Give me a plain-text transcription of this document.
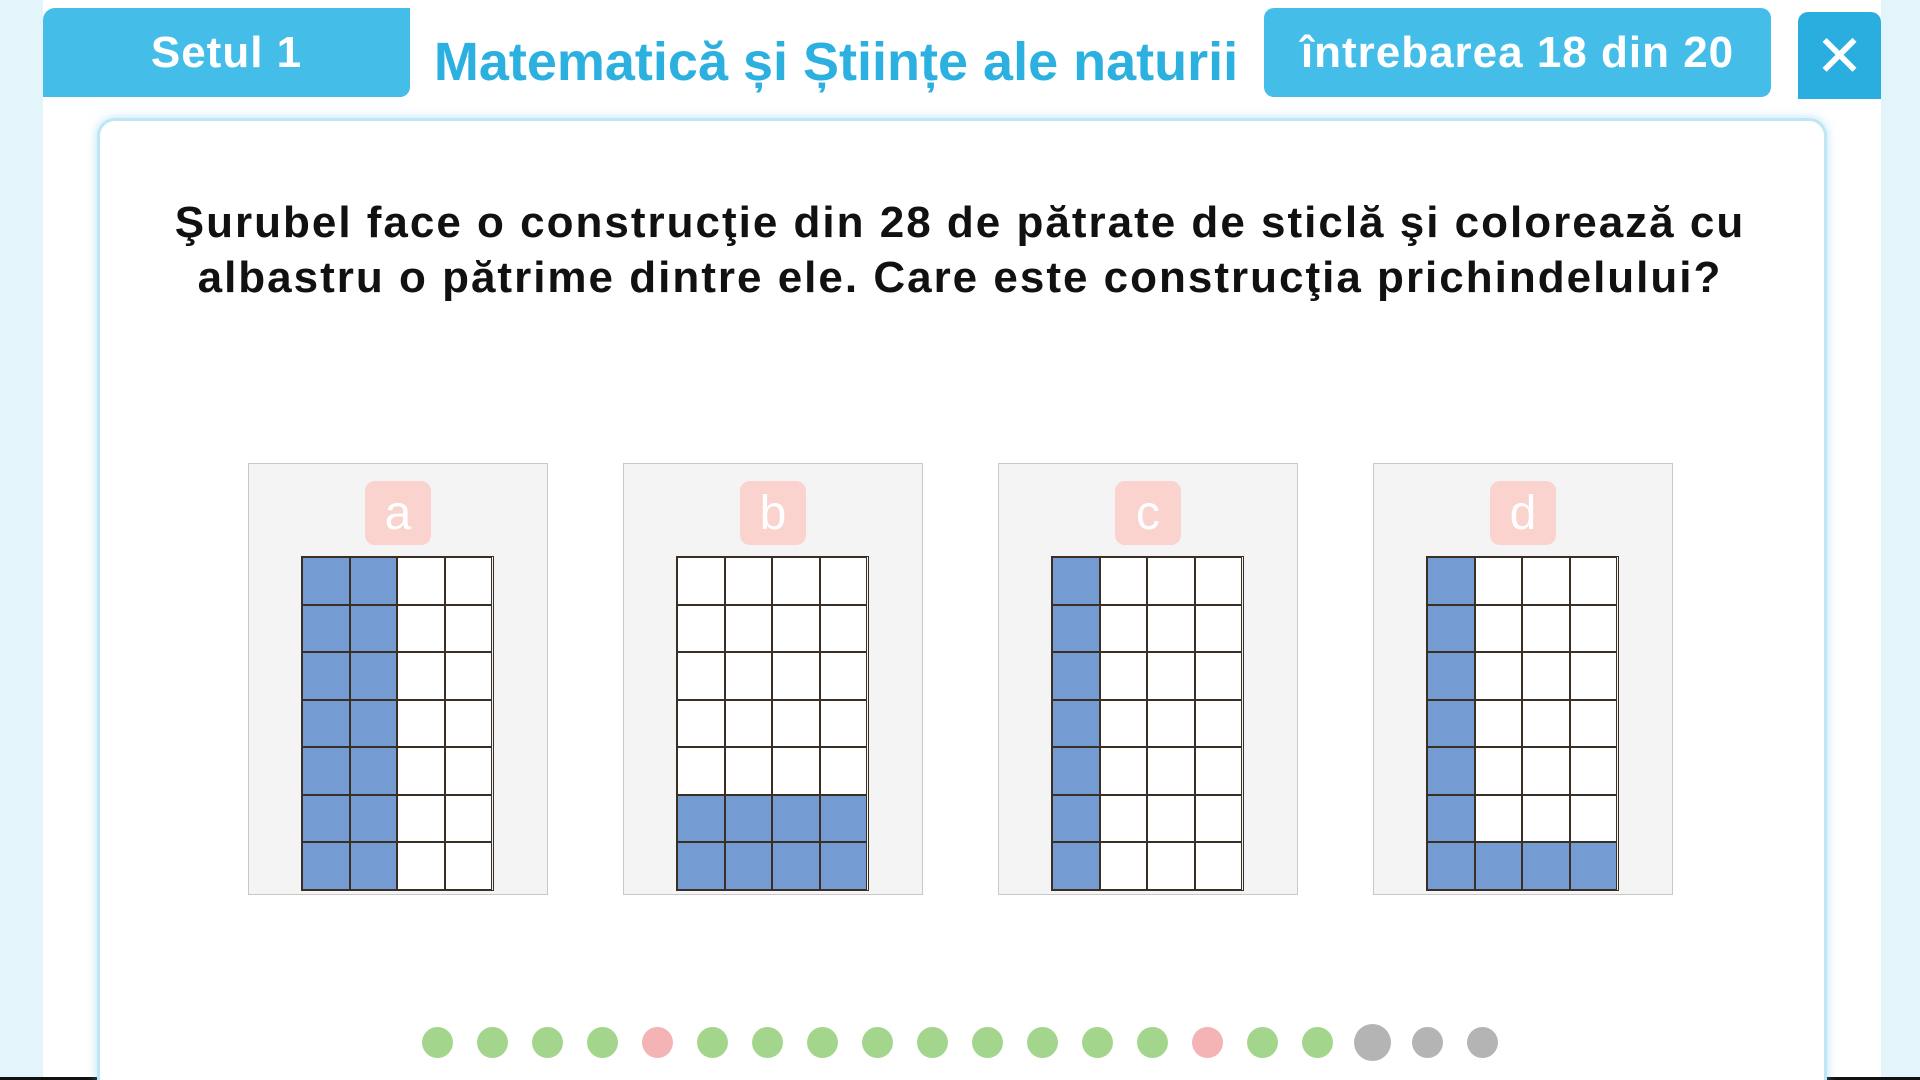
Setul 1	Matematică și Științe ale naturii	întrebarea 18 din 20	✕
Şurubel face o construcţie din 28 de pătrate de sticlă şi colorează cu
albastru o pătrime dintre ele. Care este construcţia prichindelului?
a	b	c	d
